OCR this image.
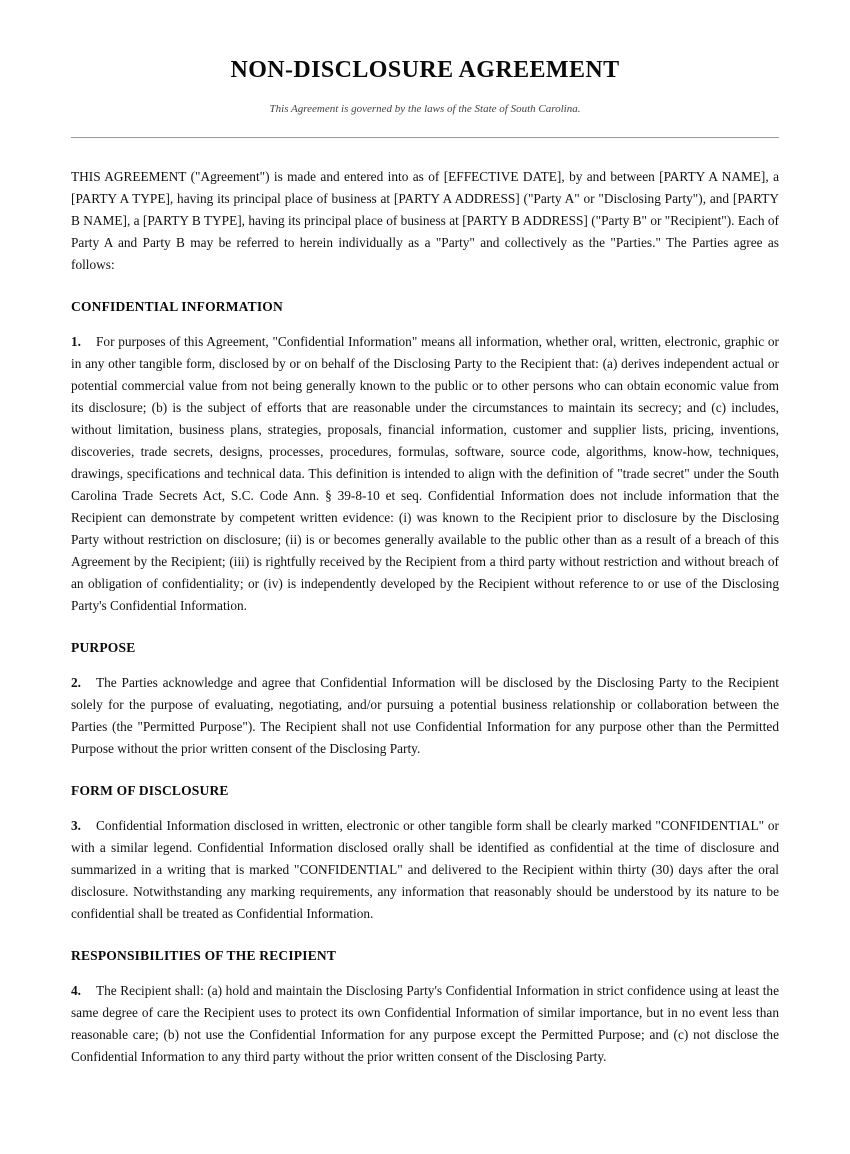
NON-DISCLOSURE AGREEMENT

This Agreement is governed by the laws of the State of South Carolina.

THIS AGREEMENT ("Agreement") is made and entered into as of [EFFECTIVE DATE], by and between [PARTY A NAME], a [PARTY A TYPE], having its principal place of business at [PARTY A ADDRESS] ("Party A" or "Disclosing Party"), and [PARTY B NAME], a [PARTY B TYPE], having its principal place of business at [PARTY B ADDRESS] ("Party B" or "Recipient"). Each of Party A and Party B may be referred to herein individually as a "Party" and collectively as the "Parties." The Parties agree as follows:

CONFIDENTIAL INFORMATION

1. For purposes of this Agreement, "Confidential Information" means all information, whether oral, written, electronic, graphic or in any other tangible form, disclosed by or on behalf of the Disclosing Party to the Recipient that: (a) derives independent actual or potential commercial value from not being generally known to the public or to other persons who can obtain economic value from its disclosure; (b) is the subject of efforts that are reasonable under the circumstances to maintain its secrecy; and (c) includes, without limitation, business plans, strategies, proposals, financial information, customer and supplier lists, pricing, inventions, discoveries, trade secrets, designs, processes, procedures, formulas, software, source code, algorithms, know-how, techniques, drawings, specifications and technical data. This definition is intended to align with the definition of "trade secret" under the South Carolina Trade Secrets Act, S.C. Code Ann. § 39-8-10 et seq. Confidential Information does not include information that the Recipient can demonstrate by competent written evidence: (i) was known to the Recipient prior to disclosure by the Disclosing Party without restriction on disclosure; (ii) is or becomes generally available to the public other than as a result of a breach of this Agreement by the Recipient; (iii) is rightfully received by the Recipient from a third party without restriction and without breach of an obligation of confidentiality; or (iv) is independently developed by the Recipient without reference to or use of the Disclosing Party's Confidential Information.

PURPOSE

2. The Parties acknowledge and agree that Confidential Information will be disclosed by the Disclosing Party to the Recipient solely for the purpose of evaluating, negotiating, and/or pursuing a potential business relationship or collaboration between the Parties (the "Permitted Purpose"). The Recipient shall not use Confidential Information for any purpose other than the Permitted Purpose without the prior written consent of the Disclosing Party.

FORM OF DISCLOSURE

3. Confidential Information disclosed in written, electronic or other tangible form shall be clearly marked "CONFIDENTIAL" or with a similar legend. Confidential Information disclosed orally shall be identified as confidential at the time of disclosure and summarized in a writing that is marked "CONFIDENTIAL" and delivered to the Recipient within thirty (30) days after the oral disclosure. Notwithstanding any marking requirements, any information that reasonably should be understood by its nature to be confidential shall be treated as Confidential Information.

RESPONSIBILITIES OF THE RECIPIENT

4. The Recipient shall: (a) hold and maintain the Disclosing Party's Confidential Information in strict confidence using at least the same degree of care the Recipient uses to protect its own Confidential Information of similar importance, but in no event less than reasonable care; (b) not use the Confidential Information for any purpose except the Permitted Purpose; and (c) not disclose the Confidential Information to any third party without the prior written consent of the Disclosing Party.
